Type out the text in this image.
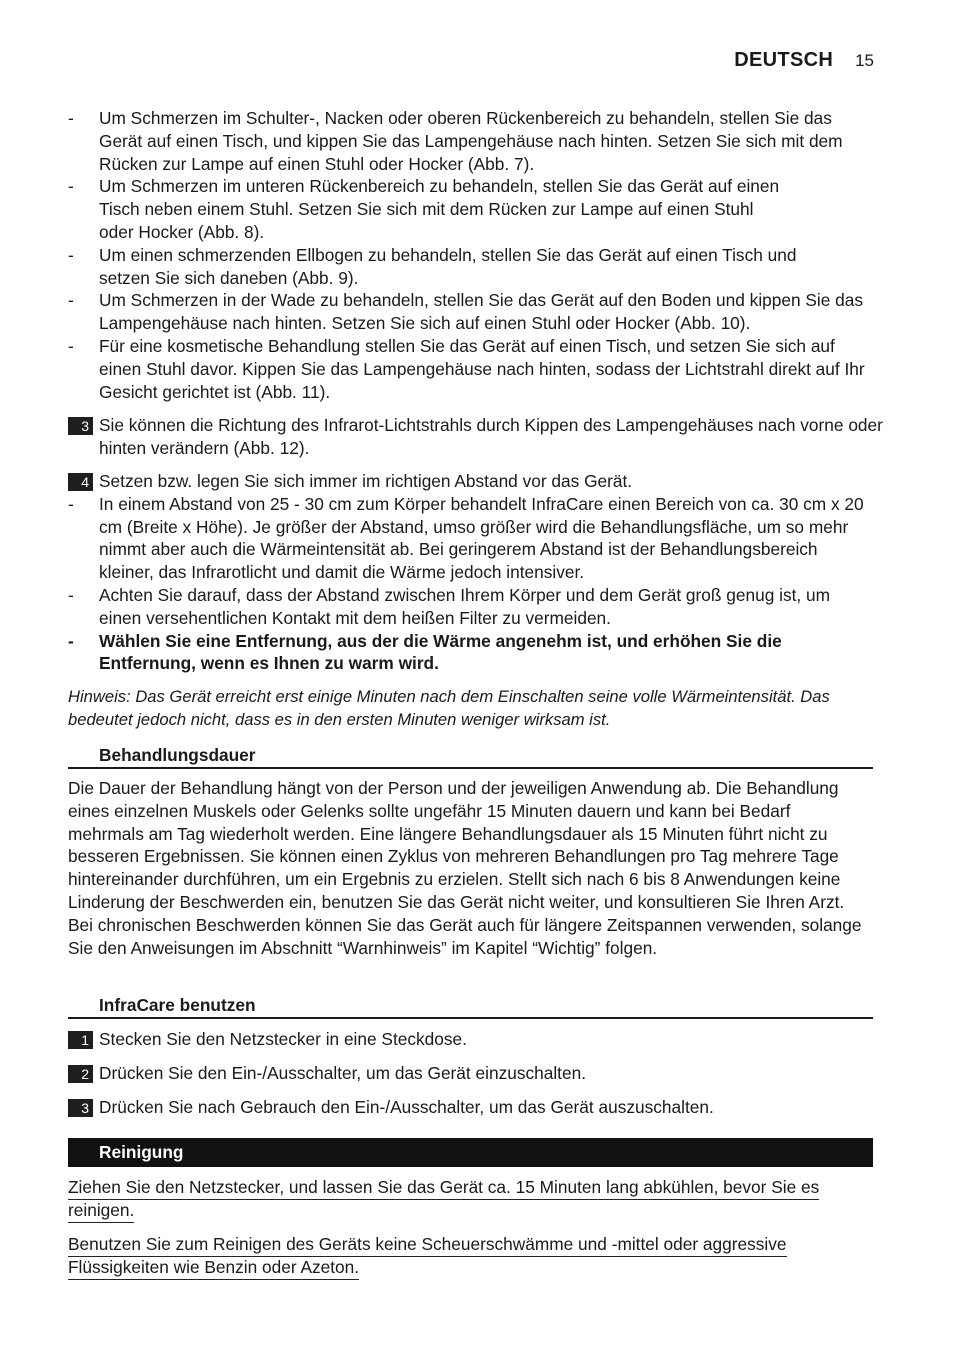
DEUTSCH 15
- Um Schmerzen im Schulter-, Nacken oder oberen Rückenbereich zu behandeln, stellen Sie das Gerät auf einen Tisch, und kippen Sie das Lampengehäuse nach hinten. Setzen Sie sich mit dem Rücken zur Lampe auf einen Stuhl oder Hocker (Abb. 7).
- Um Schmerzen im unteren Rückenbereich zu behandeln, stellen Sie das Gerät auf einen Tisch neben einem Stuhl. Setzen Sie sich mit dem Rücken zur Lampe auf einen Stuhl oder Hocker (Abb. 8).
- Um einen schmerzenden Ellbogen zu behandeln, stellen Sie das Gerät auf einen Tisch und setzen Sie sich daneben (Abb. 9).
- Um Schmerzen in der Wade zu behandeln, stellen Sie das Gerät auf den Boden und kippen Sie das Lampengehäuse nach hinten. Setzen Sie sich auf einen Stuhl oder Hocker (Abb. 10).
- Für eine kosmetische Behandlung stellen Sie das Gerät auf einen Tisch, und setzen Sie sich auf einen Stuhl davor. Kippen Sie das Lampengehäuse nach hinten, sodass der Lichtstrahl direkt auf Ihr Gesicht gerichtet ist (Abb. 11).
3 Sie können die Richtung des Infrarot-Lichtstrahls durch Kippen des Lampengehäuses nach vorne oder hinten verändern (Abb. 12).
4 Setzen bzw. legen Sie sich immer im richtigen Abstand vor das Gerät.
- In einem Abstand von 25 - 30 cm zum Körper behandelt InfraCare einen Bereich von ca. 30 cm x 20 cm (Breite x Höhe). Je größer der Abstand, umso größer wird die Behandlungsfläche, um so mehr nimmt aber auch die Wärmeintensität ab. Bei geringerem Abstand ist der Behandlungsbereich kleiner, das Infrarotlicht und damit die Wärme jedoch intensiver.
- Achten Sie darauf, dass der Abstand zwischen Ihrem Körper und dem Gerät groß genug ist, um einen versehentlichen Kontakt mit dem heißen Filter zu vermeiden.
- Wählen Sie eine Entfernung, aus der die Wärme angenehm ist, und erhöhen Sie die Entfernung, wenn es Ihnen zu warm wird.
Hinweis: Das Gerät erreicht erst einige Minuten nach dem Einschalten seine volle Wärmeintensität. Das bedeutet jedoch nicht, dass es in den ersten Minuten weniger wirksam ist.
Behandlungsdauer
Die Dauer der Behandlung hängt von der Person und der jeweiligen Anwendung ab. Die Behandlung eines einzelnen Muskels oder Gelenks sollte ungefähr 15 Minuten dauern und kann bei Bedarf mehrmals am Tag wiederholt werden. Eine längere Behandlungsdauer als 15 Minuten führt nicht zu besseren Ergebnissen. Sie können einen Zyklus von mehreren Behandlungen pro Tag mehrere Tage hintereinander durchführen, um ein Ergebnis zu erzielen. Stellt sich nach 6 bis 8 Anwendungen keine Linderung der Beschwerden ein, benutzen Sie das Gerät nicht weiter, und konsultieren Sie Ihren Arzt. Bei chronischen Beschwerden können Sie das Gerät auch für längere Zeitspannen verwenden, solange Sie den Anweisungen im Abschnitt “Warnhinweis” im Kapitel “Wichtig” folgen.
InfraCare benutzen
1 Stecken Sie den Netzstecker in eine Steckdose.
2 Drücken Sie den Ein-/Ausschalter, um das Gerät einzuschalten.
3 Drücken Sie nach Gebrauch den Ein-/Ausschalter, um das Gerät auszuschalten.
Reinigung
Ziehen Sie den Netzstecker, und lassen Sie das Gerät ca. 15 Minuten lang abkühlen, bevor Sie es reinigen.
Benutzen Sie zum Reinigen des Geräts keine Scheuerschwämme und -mittel oder aggressive Flüssigkeiten wie Benzin oder Azeton.
